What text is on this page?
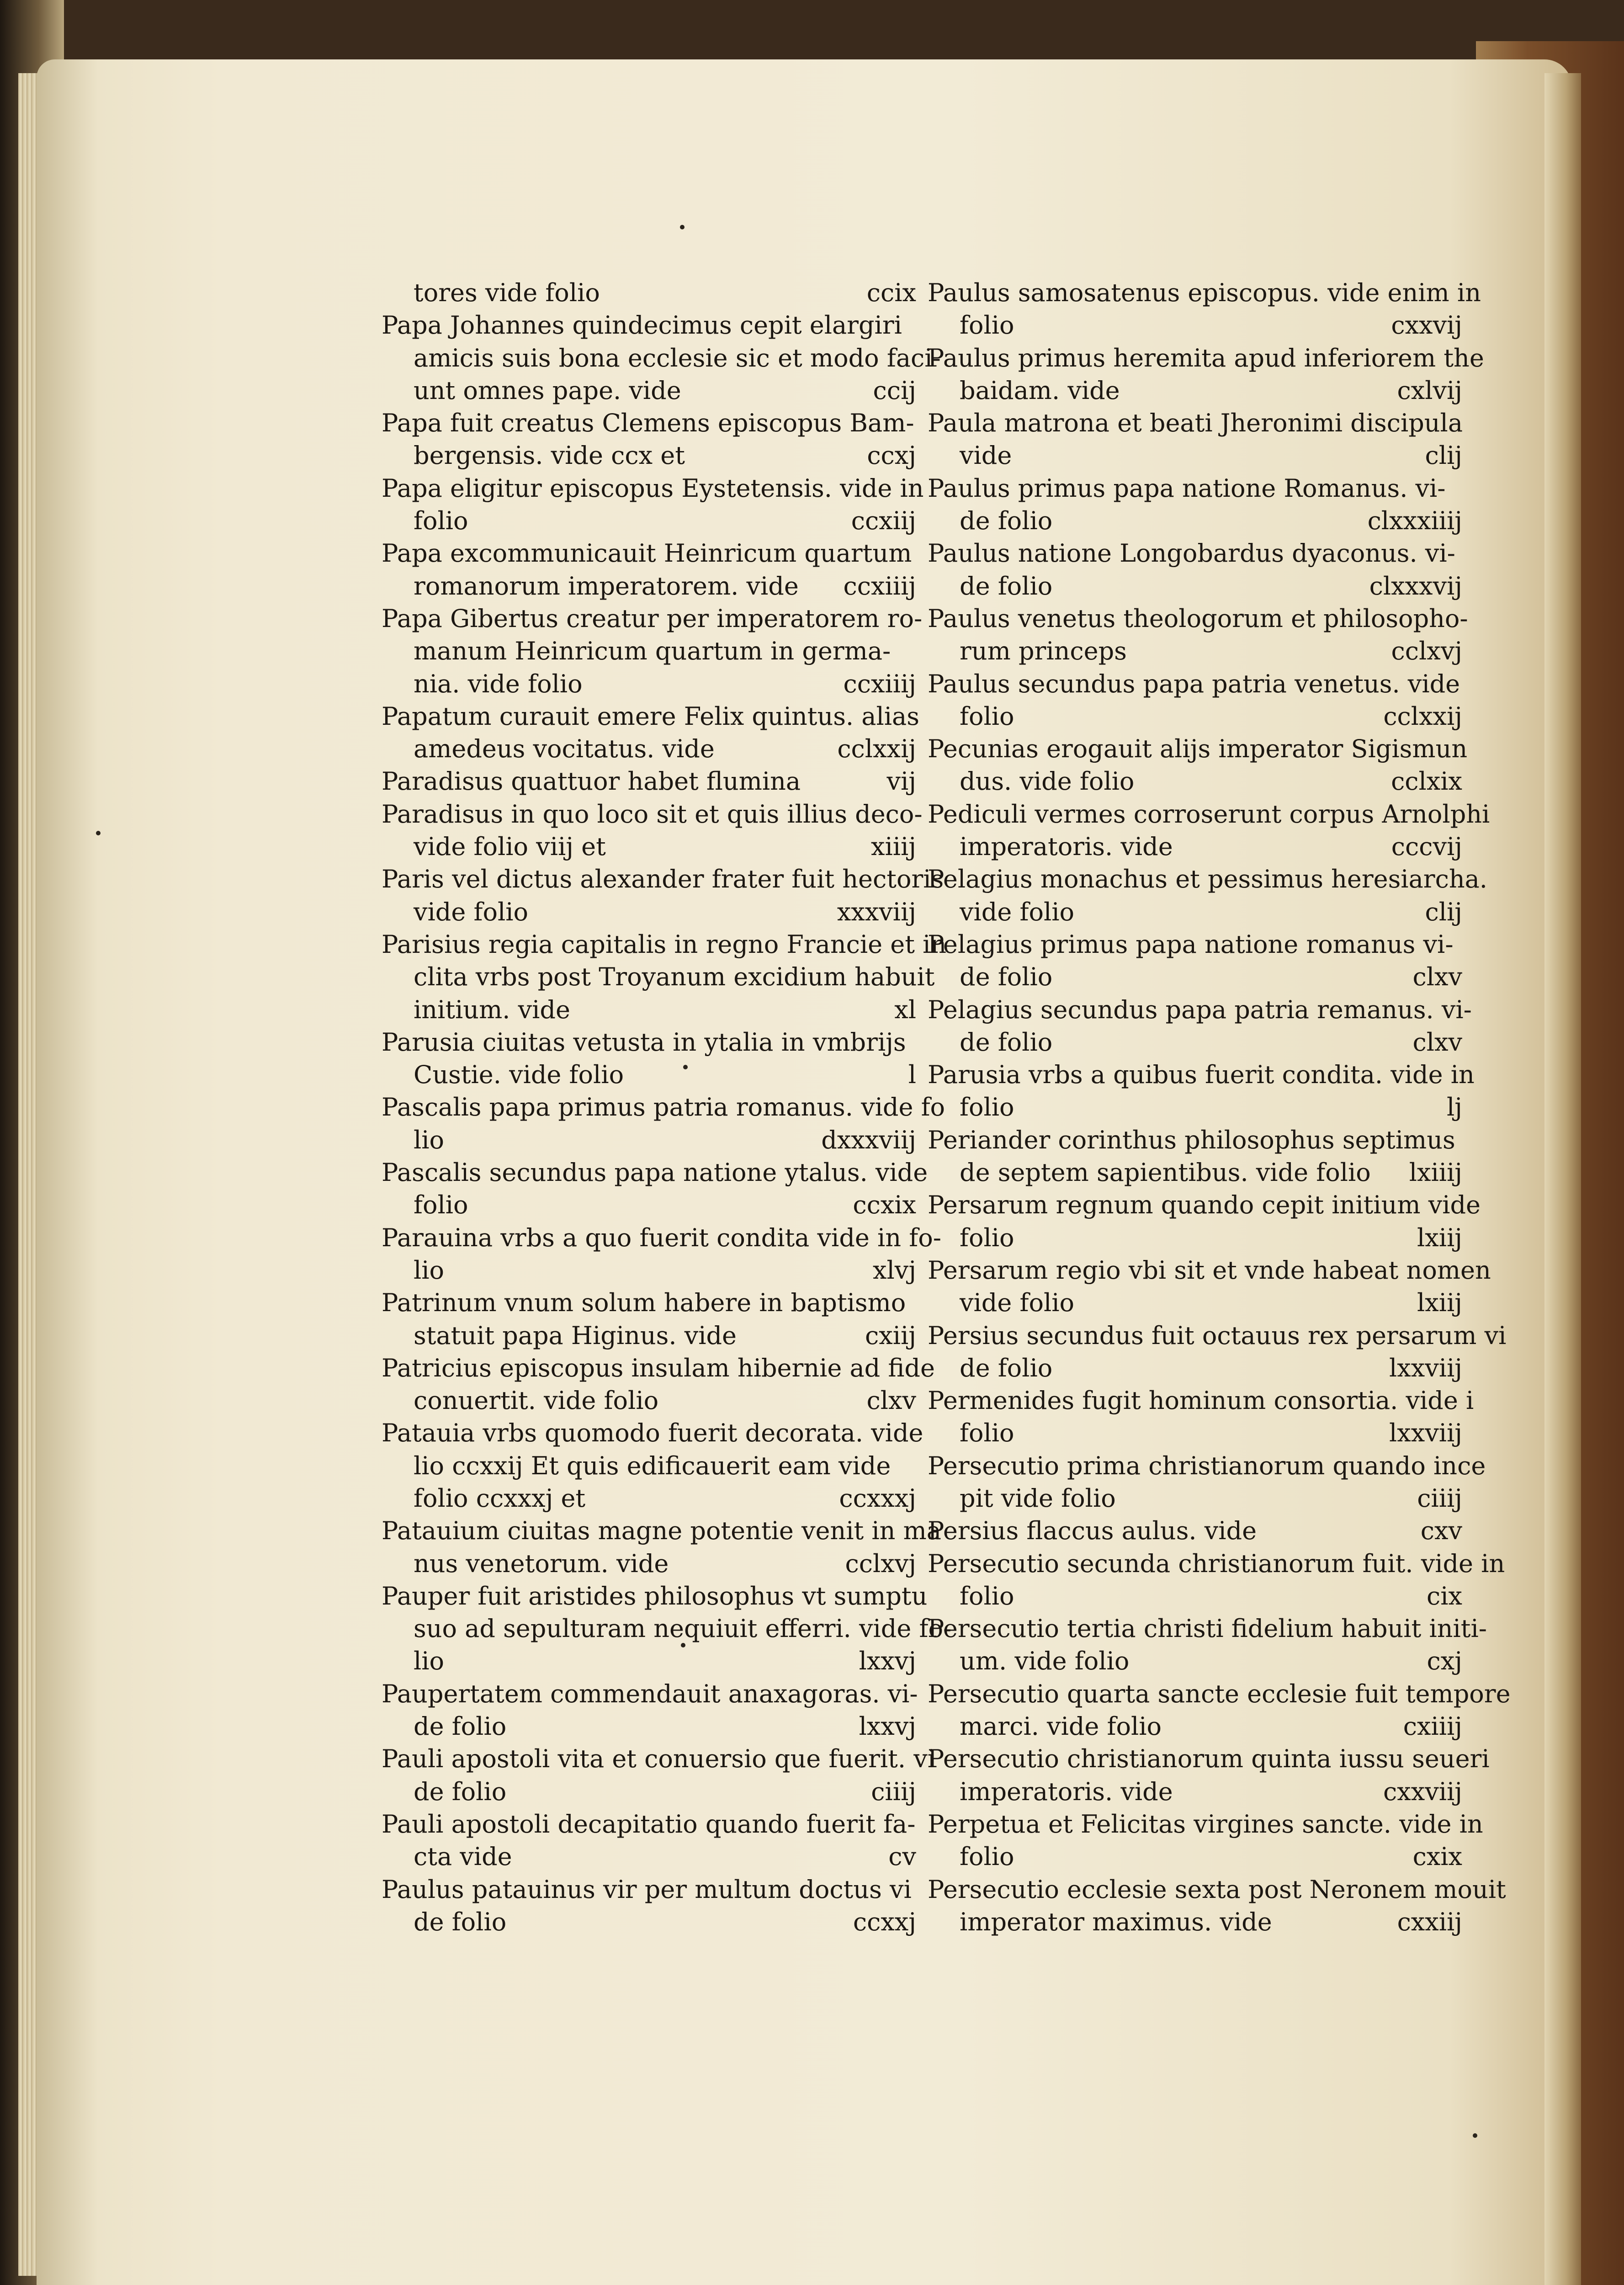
tores vide folio	ccix
Papa Johannes quindecimus cepit elargiri
amicis suis bona ecclesie sic et modo faci-
unt omnes pape. vide	ccij
Papa fuit creatus Clemens episcopus Bam-
bergensis. vide ccx et	ccxj
Papa eligitur episcopus Eystetensis. vide in
folio	ccxiij
Papa excommunicauit Heinricum quartum
romanorum imperatorem. vide	ccxiiij
Papa Gibertus creatur per imperatorem ro-
manum Heinricum quartum in germa-
nia. vide folio	ccxiiij
Papatum curauit emere Felix quintus. alias
amedeus vocitatus. vide	cclxxij
Paradisus quattuor habet flumina	vij
Paradisus in quo loco sit et quis illius deco-
vide folio viij et	xiiij
Paris vel dictus alexander frater fuit hectoris
vide folio	xxxviij
Parisius regia capitalis in regno Francie et in
clita vrbs post Troyanum excidium habuit
initium. vide	xl
Parusia ciuitas vetusta in ytalia in vmbrijs
Custie. vide folio	l
Pascalis papa primus patria romanus. vide fo
lio	dxxxviij
Pascalis secundus papa natione ytalus. vide
folio	ccxix
Parauina vrbs a quo fuerit condita vide in fo-
lio	xlvj
Patrinum vnum solum habere in baptismo
statuit papa Higinus. vide	cxiij
Patricius episcopus insulam hibernie ad fide
conuertit. vide folio	clxv
Patauia vrbs quomodo fuerit decorata. vide
lio ccxxij Et quis edificauerit eam vide
folio ccxxxj et	ccxxxj
Patauium ciuitas magne potentie venit in ma
nus venetorum. vide	cclxvj
Pauper fuit aristides philosophus vt sumptu
suo ad sepulturam nequiuit efferri. vide fo-
lio	lxxvj
Paupertatem commendauit anaxagoras. vi-
de folio	lxxvj
Pauli apostoli vita et conuersio que fuerit. vi
de folio	ciiij
Pauli apostoli decapitatio quando fuerit fa-
cta vide	cv
Paulus patauinus vir per multum doctus vi
de folio	ccxxj
Paulus samosatenus episcopus. vide enim in
folio	cxxvij
Paulus primus heremita apud inferiorem the
baidam. vide	cxlvij
Paula matrona et beati Jheronimi discipula
vide	clij
Paulus primus papa natione Romanus. vi-
de folio	clxxxiiij
Paulus natione Longobardus dyaconus. vi-
de folio	clxxxvij
Paulus venetus theologorum et philosopho-
rum princeps	cclxvj
Paulus secundus papa patria venetus. vide
folio	cclxxij
Pecunias erogauit alijs imperator Sigismun
dus. vide folio	cclxix
Pediculi vermes corroserunt corpus Arnolphi
imperatoris. vide	cccvij
Pelagius monachus et pessimus heresiarcha.
vide folio	clij
Pelagius primus papa natione romanus vi-
de folio	clxv
Pelagius secundus papa patria remanus. vi-
de folio	clxv
Parusia vrbs a quibus fuerit condita. vide in
folio	lj
Periander corinthus philosophus septimus
de septem sapientibus. vide folio	lxiiij
Persarum regnum quando cepit initium vide
folio	lxiij
Persarum regio vbi sit et vnde habeat nomen
vide folio	lxiij
Persius secundus fuit octauus rex persarum vi
de folio	lxxviij
Permenides fugit hominum consortia. vide i
folio	lxxviij
Persecutio prima christianorum quando ince
pit vide folio	ciiij
Persius flaccus aulus. vide	cxv
Persecutio secunda christianorum fuit. vide in
folio	cix
Persecutio tertia christi fidelium habuit initi-
um. vide folio	cxj
Persecutio quarta sancte ecclesie fuit tempore
marci. vide folio	cxiiij
Persecutio christianorum quinta iussu seueri
imperatoris. vide	cxxviij
Perpetua et Felicitas virgines sancte. vide in
folio	cxix
Persecutio ecclesie sexta post Neronem mouit
imperator maximus. vide	cxxiij
